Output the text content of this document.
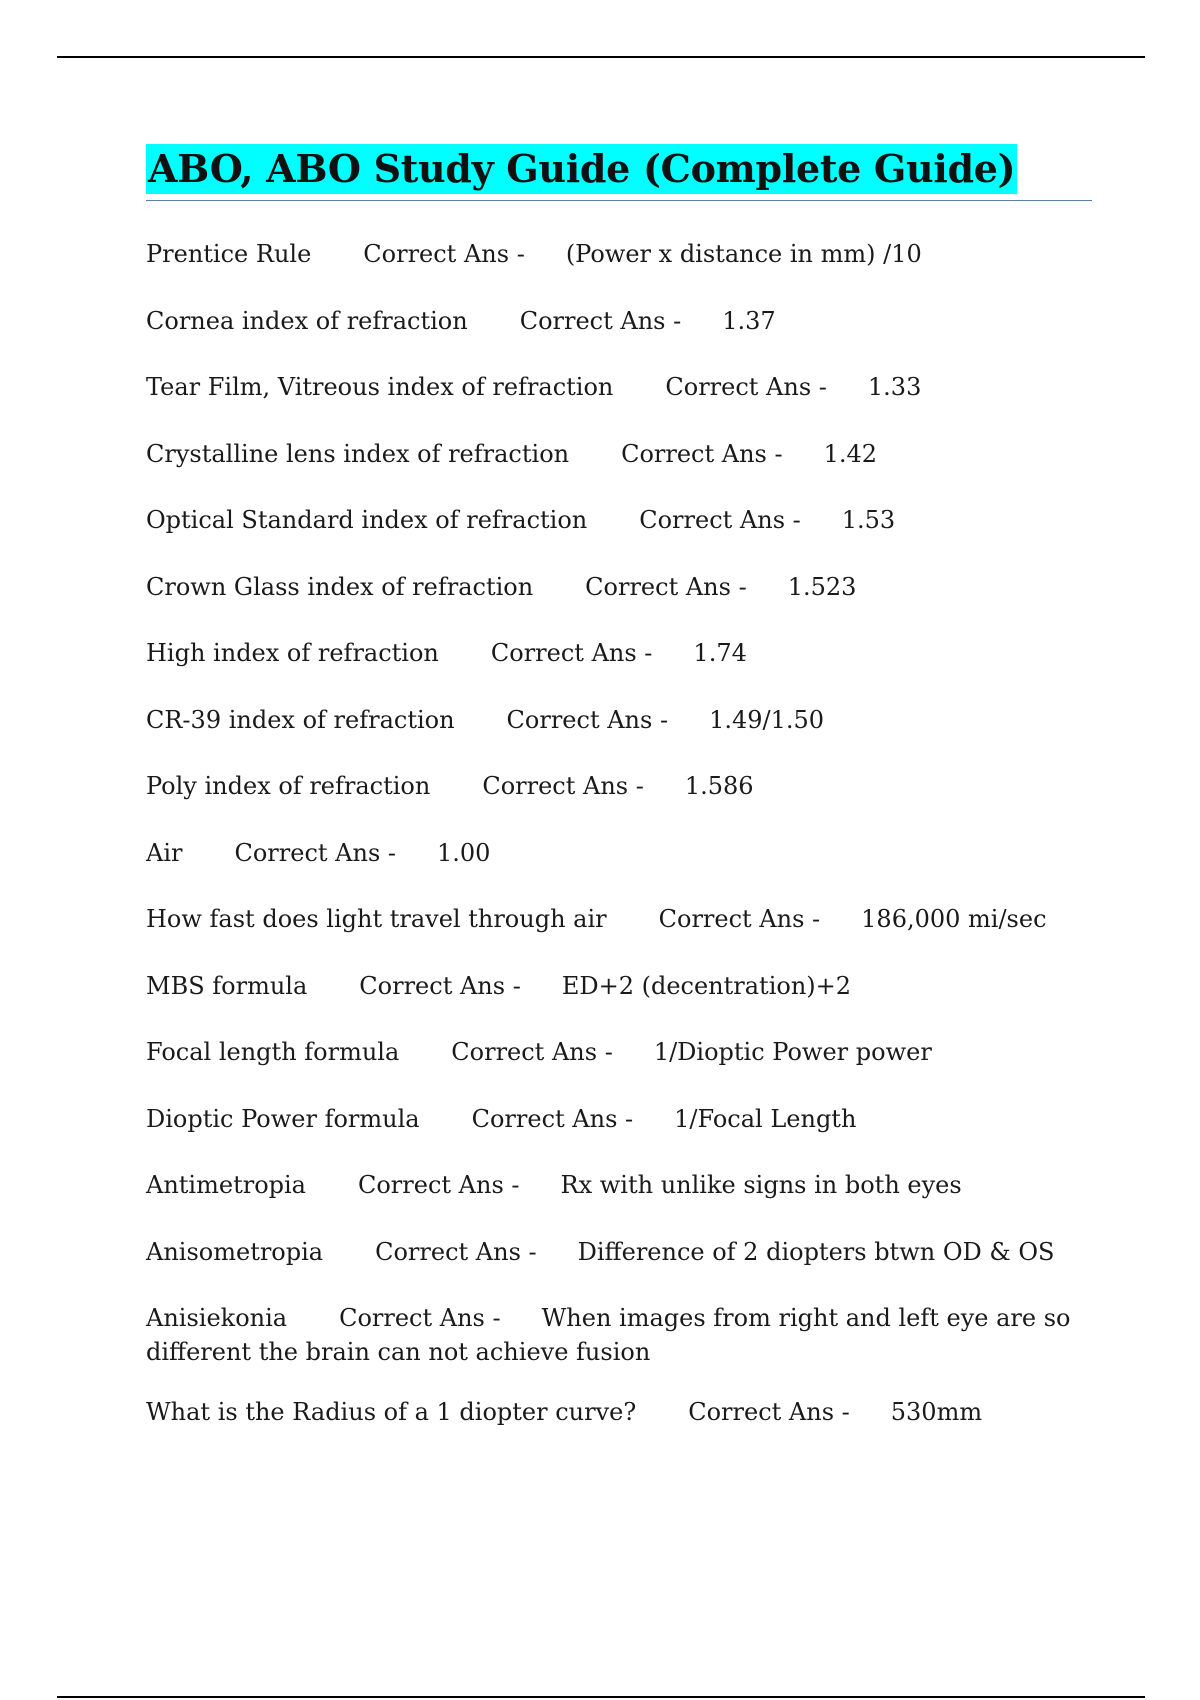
ABO, ABO Study Guide (Complete Guide)
Prentice Rule Correct Ans - (Power x distance in mm) /10
Cornea index of refraction Correct Ans - 1.37
Tear Film, Vitreous index of refraction Correct Ans - 1.33
Crystalline lens index of refraction Correct Ans - 1.42
Optical Standard index of refraction Correct Ans - 1.53
Crown Glass index of refraction Correct Ans - 1.523
High index of refraction Correct Ans - 1.74
CR-39 index of refraction Correct Ans - 1.49/1.50
Poly index of refraction Correct Ans - 1.586
Air Correct Ans - 1.00
How fast does light travel through air Correct Ans - 186,000 mi/sec
MBS formula Correct Ans - ED+2 (decentration)+2
Focal length formula Correct Ans - 1/Dioptic Power power
Dioptic Power formula Correct Ans - 1/Focal Length
Antimetropia Correct Ans - Rx with unlike signs in both eyes
Anisometropia Correct Ans - Difference of 2 diopters btwn OD & OS
Anisiekonia Correct Ans - When images from right and left eye are so different the brain can not achieve fusion
What is the Radius of a 1 diopter curve? Correct Ans - 530mm
